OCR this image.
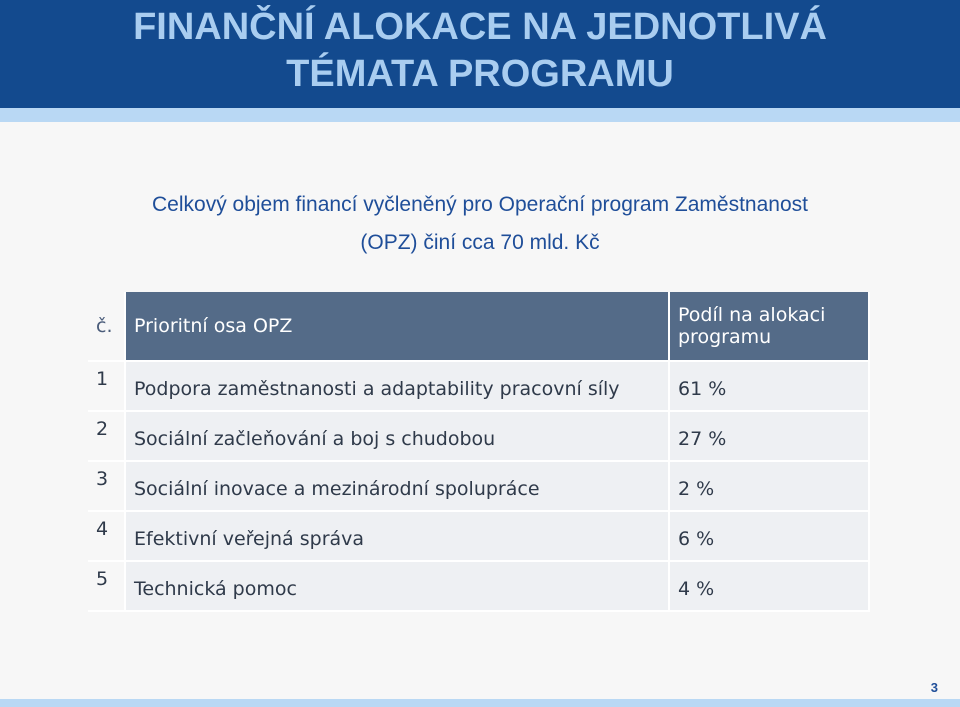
FINANČNÍ ALOKACE NA JEDNOTLIVÁ
TÉMATA PROGRAMU

Celkový objem financí vyčleněný pro Operační program Zaměstnanost
(OPZ) činí cca 70 mld. Kč

č.	Prioritní osa OPZ	Podíl na alokaci programu
1	Podpora zaměstnanosti a adaptability pracovní síly	61 %
2	Sociální začleňování a boj s chudobou	27 %
3	Sociální inovace a mezinárodní spolupráce	2 %
4	Efektivní veřejná správa	6 %
5	Technická pomoc	4 %
3
